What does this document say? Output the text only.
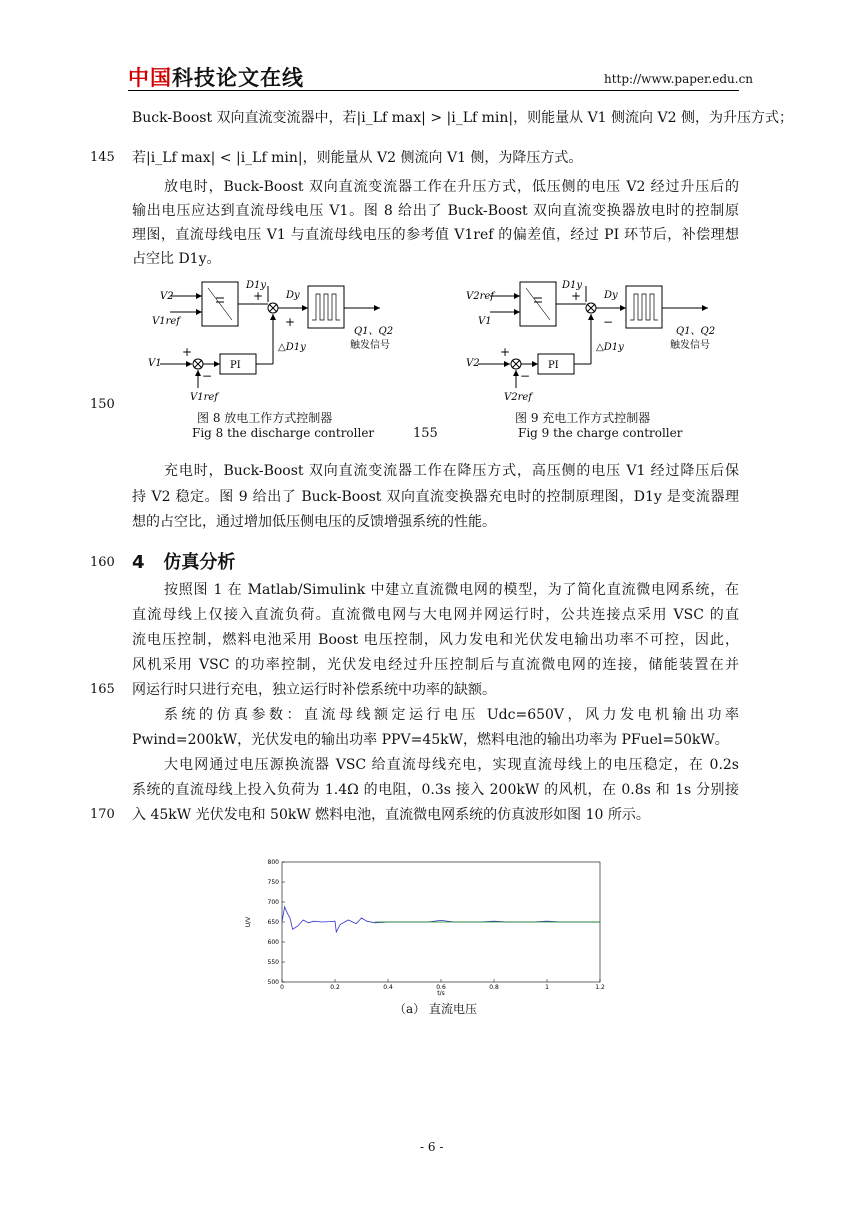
中国科技论文在线	http://www.paper.edu.cn
Buck-Boost 双向直流变流器中，若|i_Lf max| > |i_Lf min|，则能量从 V1 侧流向 V2 侧，为升压方式；
145 若|i_Lf max| < |i_Lf min|，则能量从 V2 侧流向 V1 侧，为降压方式。
放电时，Buck-Boost 双向直流变流器工作在升压方式，低压侧的电压 V2 经过升压后的
输出电压应达到直流母线电压 V1。图 8 给出了 Buck-Boost 双向直流变换器放电时的控制原
理图，直流母线电压 V1 与直流母线电压的参考值 V1ref 的偏差值，经过 PI 环节后，补偿理想
占空比 D1y。
V2
V1ref
D1y
+ Dy
Q1、Q2
触发信号
+
△D1y
V1
+
−
V1ref
PI
150
图 8 放电工作方式控制器
Fig 8 the discharge controller	155
V2ref
V1
D1y
+ Dy
Q1、Q2
触发信号
−
△D1y
V2
+
−
V2ref
PI
图 9 充电工作方式控制器
Fig 9 the charge controller
充电时，Buck-Boost 双向直流变流器工作在降压方式，高压侧的电压 V1 经过降压后保
持 V2 稳定。图 9 给出了 Buck-Boost 双向直流变换器充电时的控制原理图，D1y 是变流器理
想的占空比，通过增加低压侧电压的反馈增强系统的性能。
160 4 仿真分析
按照图 1 在 Matlab/Simulink 中建立直流微电网的模型，为了简化直流微电网系统，在
直流母线上仅接入直流负荷。直流微电网与大电网并网运行时，公共连接点采用 VSC 的直
流电压控制，燃料电池采用 Boost 电压控制，风力发电和光伏发电输出功率不可控，因此，
风机采用 VSC 的功率控制，光伏发电经过升压控制后与直流微电网的连接，储能装置在并
165 网运行时只进行充电，独立运行时补偿系统中功率的缺额。
系统的仿真参数：直流母线额定运行电压 Udc=650V，风力发电机输出功率
Pwind=200kW，光伏发电的输出功率 PPV=45kW，燃料电池的输出功率为 PFuel=50kW。
大电网通过电压源换流器 VSC 给直流母线充电，实现直流母线上的电压稳定，在 0.2s
系统的直流母线上投入负荷为 1.4Ω 的电阻，0.3s 接入 200kW 的风机，在 0.8s 和 1s 分别接
170 入 45kW 光伏发电和 50kW 燃料电池，直流微电网系统的仿真波形如图 10 所示。
0	0.2	0.4	0.6	0.8	1	1.2
500
550
600
650
700
750
800
t/s
U/V
（a） 直流电压
- 6 -
